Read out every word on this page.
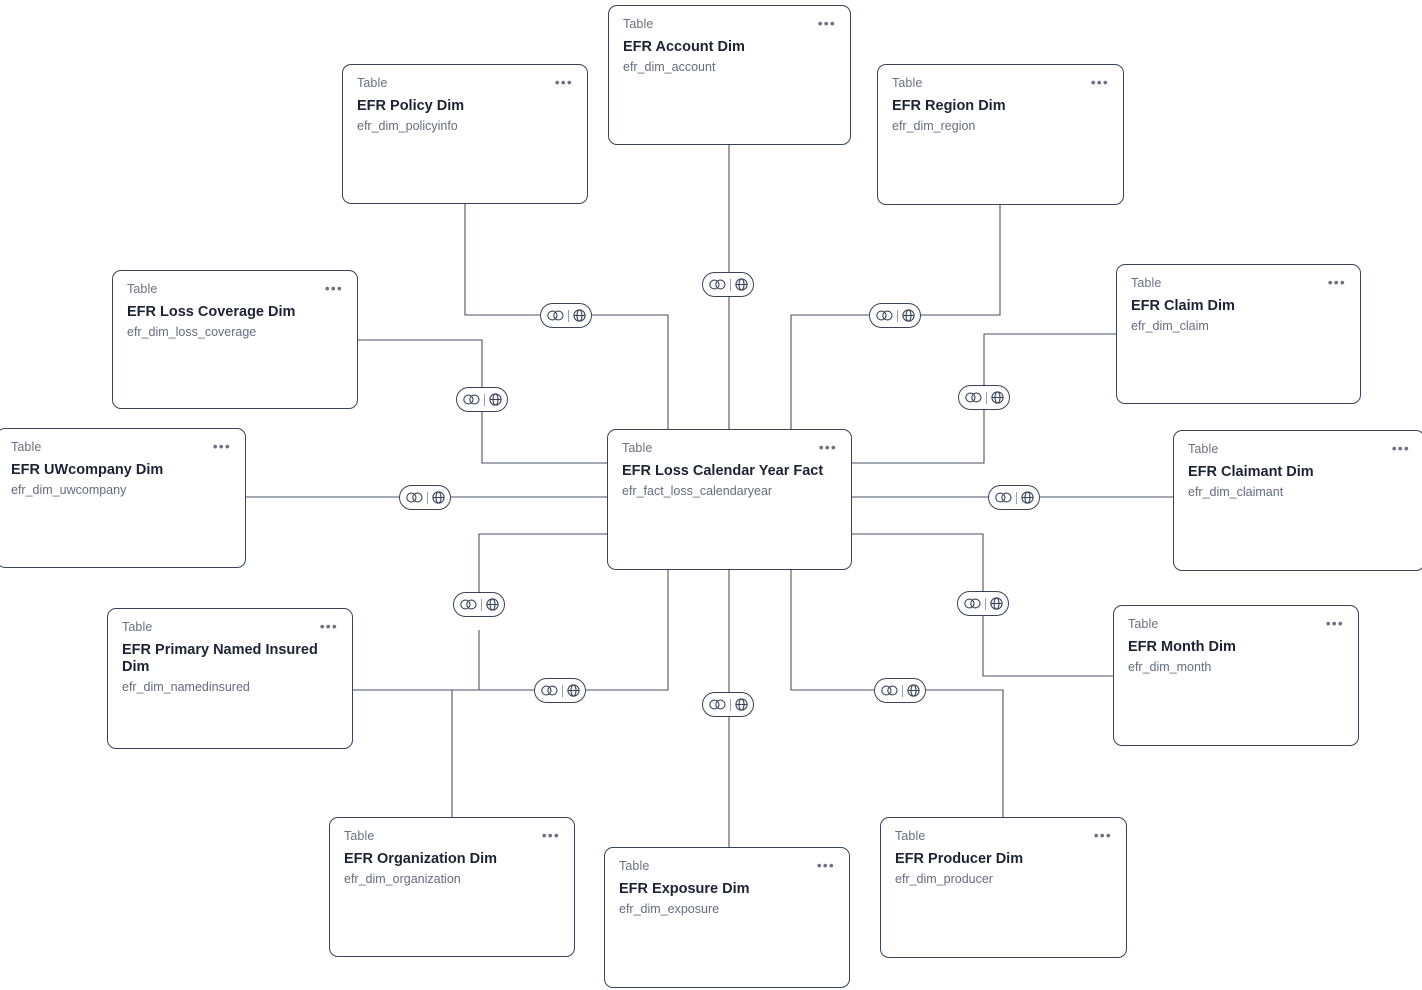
Table	•••
EFR Account Dim
efr_dim_account
Table	•••
EFR Policy Dim
efr_dim_policyinfo
Table	•••
EFR Region Dim
efr_dim_region
Table	•••
EFR Loss Coverage Dim
efr_dim_loss_coverage
Table	•••
EFR Claim Dim
efr_dim_claim
Table	•••
EFR UWcompany Dim
efr_dim_uwcompany
Table	•••
EFR Loss Calendar Year Fact
efr_fact_loss_calendaryear
Table	•••
EFR Claimant Dim
efr_dim_claimant
Table	•••
EFR Primary Named Insured Dim
efr_dim_namedinsured
Table	•••
EFR Month Dim
efr_dim_month
Table	•••
EFR Organization Dim
efr_dim_organization
Table	•••
EFR Exposure Dim
efr_dim_exposure
Table	•••
EFR Producer Dim
efr_dim_producer
